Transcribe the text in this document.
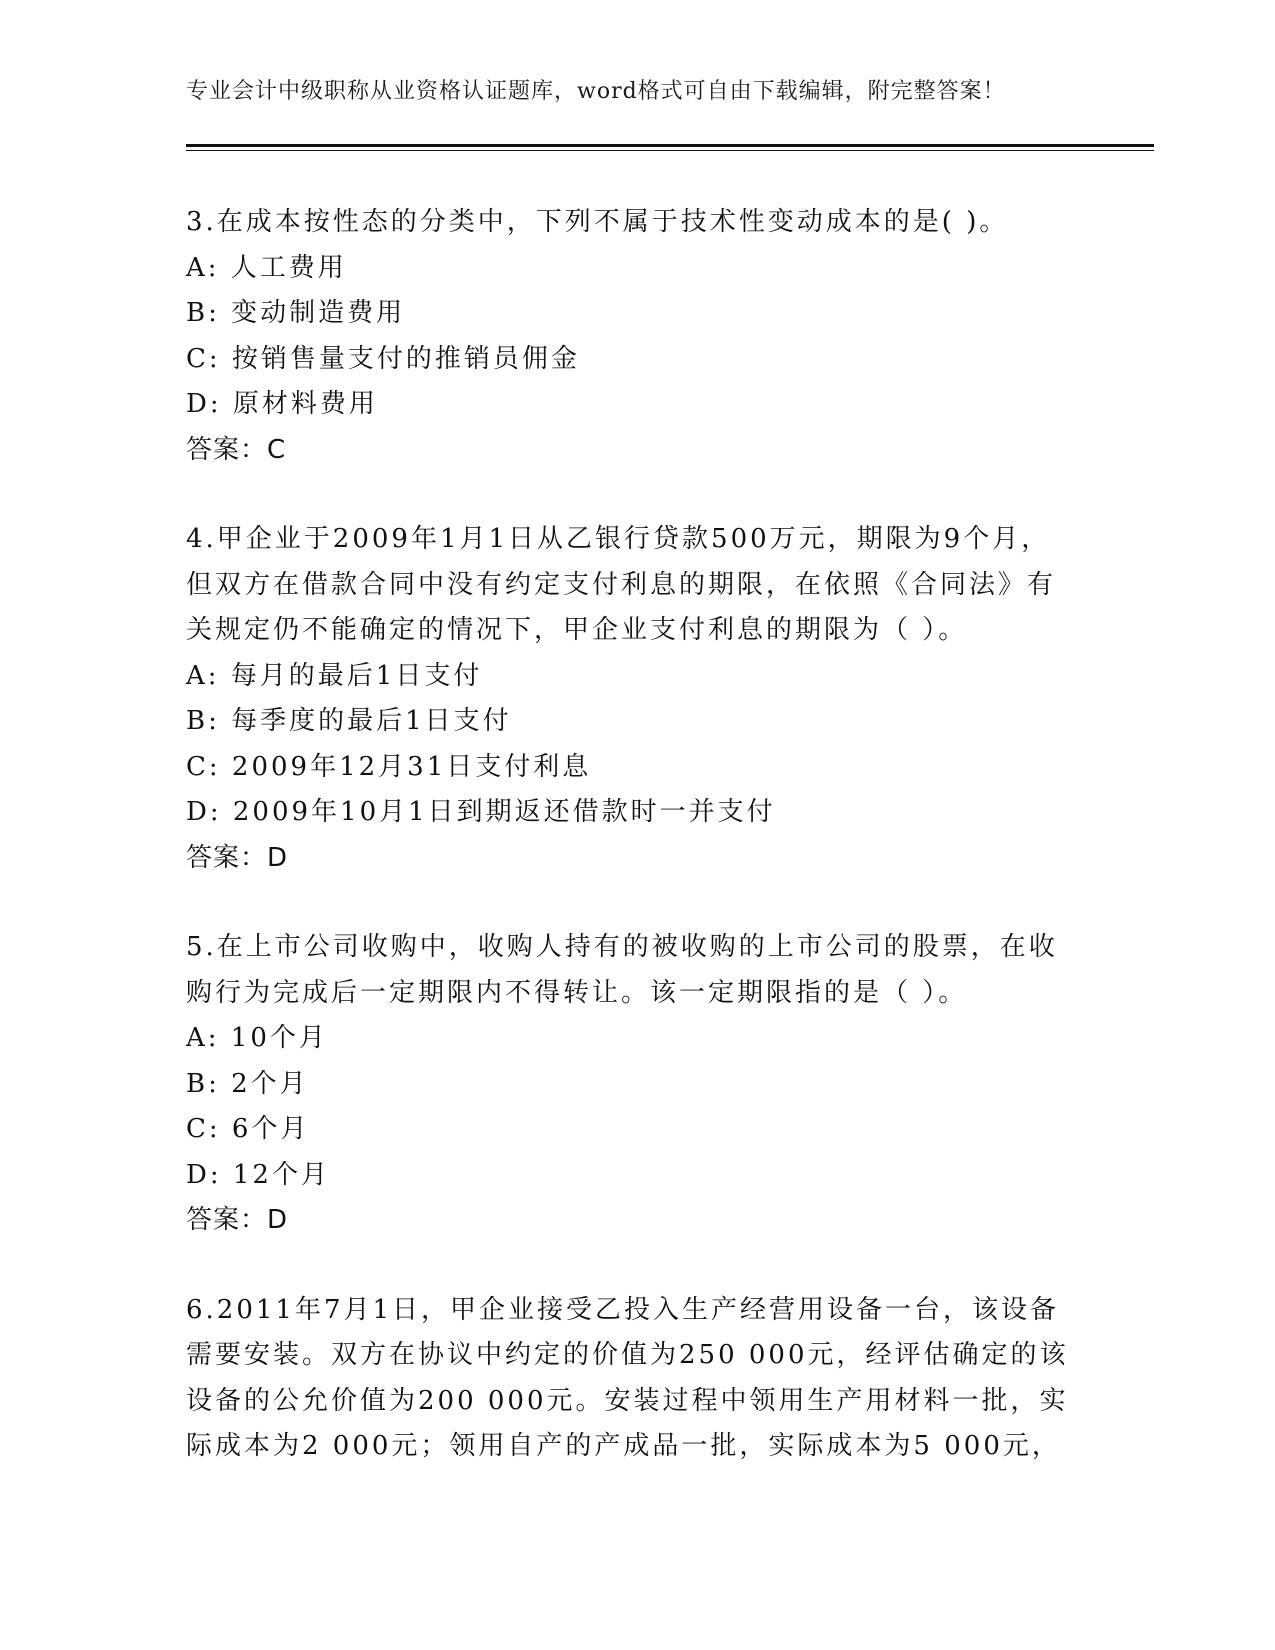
专业会计中级职称从业资格认证题库，word格式可自由下载编辑，附完整答案！
3.在成本按性态的分类中，下列不属于技术性变动成本的是( )。
A: 人工费用
B: 变动制造费用
C: 按销售量支付的推销员佣金
D: 原材料费用
答案：C
4.甲企业于2009年1月1日从乙银行贷款500万元，期限为9个月，
但双方在借款合同中没有约定支付利息的期限，在依照《合同法》有
关规定仍不能确定的情况下，甲企业支付利息的期限为（ ）。
A: 每月的最后1日支付
B: 每季度的最后1日支付
C: 2009年12月31日支付利息
D: 2009年10月1日到期返还借款时一并支付
答案：D
5.在上市公司收购中，收购人持有的被收购的上市公司的股票，在收
购行为完成后一定期限内不得转让。该一定期限指的是（ ）。
A: 10个月
B: 2个月
C: 6个月
D: 12个月
答案：D
6.2011年7月1日，甲企业接受乙投入生产经营用设备一台，该设备
需要安装。双方在协议中约定的价值为250 000元，经评估确定的该
设备的公允价值为200 000元。安装过程中领用生产用材料一批，实
际成本为2 000元；领用自产的产成品一批，实际成本为5 000元，
